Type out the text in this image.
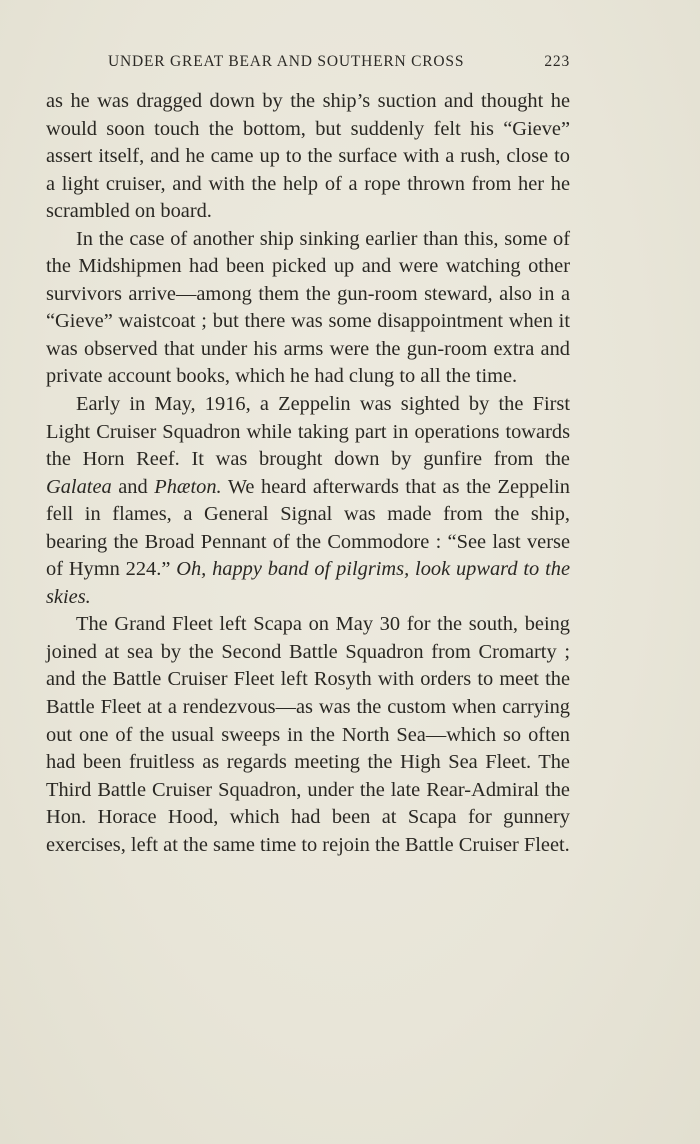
UNDER GREAT BEAR AND SOUTHERN CROSS	223

as he was dragged down by the ship’s suction and thought he would soon touch the bottom, but suddenly felt his “Gieve” assert itself, and he came up to the surface with a rush, close to a light cruiser, and with the help of a rope thrown from her he scrambled on board.

In the case of another ship sinking earlier than this, some of the Midshipmen had been picked up and were watching other survivors arrive—among them the gun-room steward, also in a “Gieve” waistcoat ; but there was some disappointment when it was observed that under his arms were the gun-room extra and private account books, which he had clung to all the time.

Early in May, 1916, a Zeppelin was sighted by the First Light Cruiser Squadron while taking part in operations towards the Horn Reef. It was brought down by gunfire from the Galatea and Phæton. We heard afterwards that as the Zeppelin fell in flames, a General Signal was made from the ship, bearing the Broad Pennant of the Commodore : “See last verse of Hymn 224.” Oh, happy band of pilgrims, look upward to the skies.

The Grand Fleet left Scapa on May 30 for the south, being joined at sea by the Second Battle Squadron from Cromarty ; and the Battle Cruiser Fleet left Rosyth with orders to meet the Battle Fleet at a rendezvous—as was the custom when carrying out one of the usual sweeps in the North Sea—which so often had been fruitless as regards meeting the High Sea Fleet. The Third Battle Cruiser Squadron, under the late Rear-Admiral the Hon. Horace Hood, which had been at Scapa for gunnery exercises, left at the same time to rejoin the Battle Cruiser Fleet.
